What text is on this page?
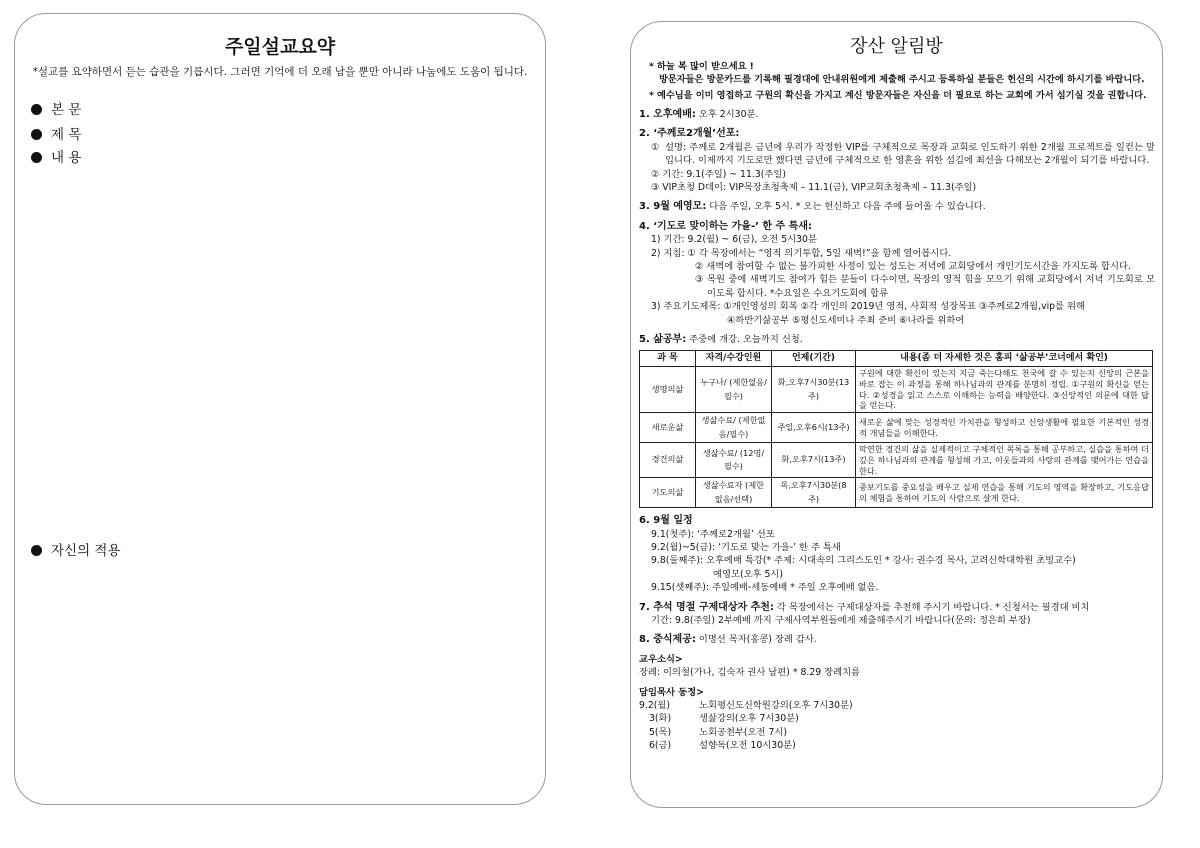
주일설교요약
*설교를 요약하면서 듣는 습관을 기릅시다. 그러면 기억에 더 오래 남을 뿐만 아니라 나눔에도 도움이 됩니다.
본 문
제 목
내 용
자신의 적용
장산 알림방
* 하늘 복 많이 받으세요 !
방문자들은 방문카드를 기록해 필경대에 안내위원에게 제출해 주시고 등록하실 분들은 헌신의 시간에 하시기를 바랍니다.
* 예수님을 이미 영접하고 구원의 확신을 가지고 계신 방문자들은 자신을 더 필요로 하는 교회에 가서 섬기실 것을 권합니다.
1. 오후예배: 오후 2시30분.
2. ‘주께로2개월’선포:
① 설명: 주께로 2개월은 금년에 우리가 작정한 VIP를 구체적으로 목장과 교회로 인도하기 위한 2개월 프로젝트를 일컫는 말입니다. 이제까지 기도로만 했다면 금년에 구체적으로 한 영혼을 위한 섬김에 최선을 다해보는 2개월이 되기를 바랍니다.
② 기간: 9.1(주일) ~ 11.3(주일)
③ VIP초청 D데이: VIP목장초청축제 – 11.1(금), VIP교회초청축제 – 11.3(주일)
3. 9월 예영모: 다음 주일, 오후 5시. * 오는 헌신하고 다음 주에 들어올 수 있습니다.
4. ‘기도로 맞이하는 가을-’ 한 주 특새:
1) 기간: 9.2(월) ~ 6(금), 오전 5시30분
2) 지침: ① 각 목장에서는 “영적 의기투합, 5일 새벽!”을 함께 열어봅시다.
② 새벽에 참여할 수 없는 불가피한 사정이 있는 성도는 저녁에 교회당에서 개인기도시간을 가지도록 합시다.
③ 목원 중에 새벽기도 참여가 힘든 분들이 다수이면, 목장의 영적 힘을 모으기 위해 교회당에서 저녁 기도회로 모이도록 합시다. *수요일은 수요기도회에 합류
3) 주요기도제목: ①개인영성의 회복 ②각 개인의 2019년 영적, 사회적 성장목표 ③주께로2개월,vip를 위해
④하반기삶공부 ⑤평신도세미나 주최 준비 ⑥나라를 위하여
5. 삶공부: 주중에 개강. 오늘까지 신청.
과 목	자격/수강인원	언제(기간)	내용(좀 더 자세한 것은 홈피 ‘삶공부’코너에서 확인)
생명의삶	누구나/ (제한없음/필수)	화,오후7시30분(13주)	구원에 대한 확신이 있는지 지금 죽는다해도 천국에 갈 수 있는지 신앙의 근본을 바로 잡는 이 과정을 통해 하나님과의 관계를 분명히 정립. ①구원의 확신을 얻는다. ②성경을 읽고 스스로 이해하는 능력을 배양한다. ③신앙적인 의문에 대한 답을 얻는다.
새로운삶	생삶수료/ (제한없음/필수)	주일,오후6시(13주)	새로운 삶에 맞는 성경적인 가치관을 형성하고 신앙생활에 필요한 기본적인 성경적 개념들을 이해한다.
경건의삶	생삶수료/ (12명/필수)	화,오후7시(13주)	막연한 경건의 삶을 실제적이고 구체적인 목록을 통해 공부하고, 실습을 통하여 더 깊은 하나님과의 관계를 형성해 가고, 이웃들과의 사랑의 관계를 맺어가는 연습을 한다.
기도의삶	생삶수료자 (제한없음/선택)	목,오후7시30분(8주)	중보기도를 중요성을 배우고 실제 연습을 통해 기도의 영역을 확장하고, 기도응답의 체험을 통하여 기도의 사람으로 살게 한다.
6. 9월 일정
9.1(첫주): ‘주께로2개월’ 선포
9.2(월)~5(금): ‘기도로 맞는 가을-’ 한 주 특새
9.8(둘째주): 오후예배 특강(* 주제: 시대속의 그리스도인 * 강사: 권수경 목사, 고려신학대학원 초빙교수)
예영모(오후 5시)
9.15(셋째주): 주일예배-세동예배 * 주일 오후예배 없음.
7. 추석 명절 구제대상자 추천: 각 목장에서는 구제대상자를 추천해 주시기 바랍니다. * 신청서는 필경대 비치
기간: 9.8(주일) 2부예배 까지 구제사역부원들에게 제출해주시기 바랍니다(문의: 정은희 부장)
8. 중식제공: 이명선 목자(홍콩) 장례 감사.
교우소식>
장례: 이의철(가나, 김숙자 권사 남편) * 8.29 장례치름
담임목사 동정>
9.2(월)	노회평신도신학원강의(오후 7시30분)
3(화)	생삶강의(오후 7시30분)
5(목)	노회공천부(오전 7시)
6(금)	설향독(오전 10시30분)
